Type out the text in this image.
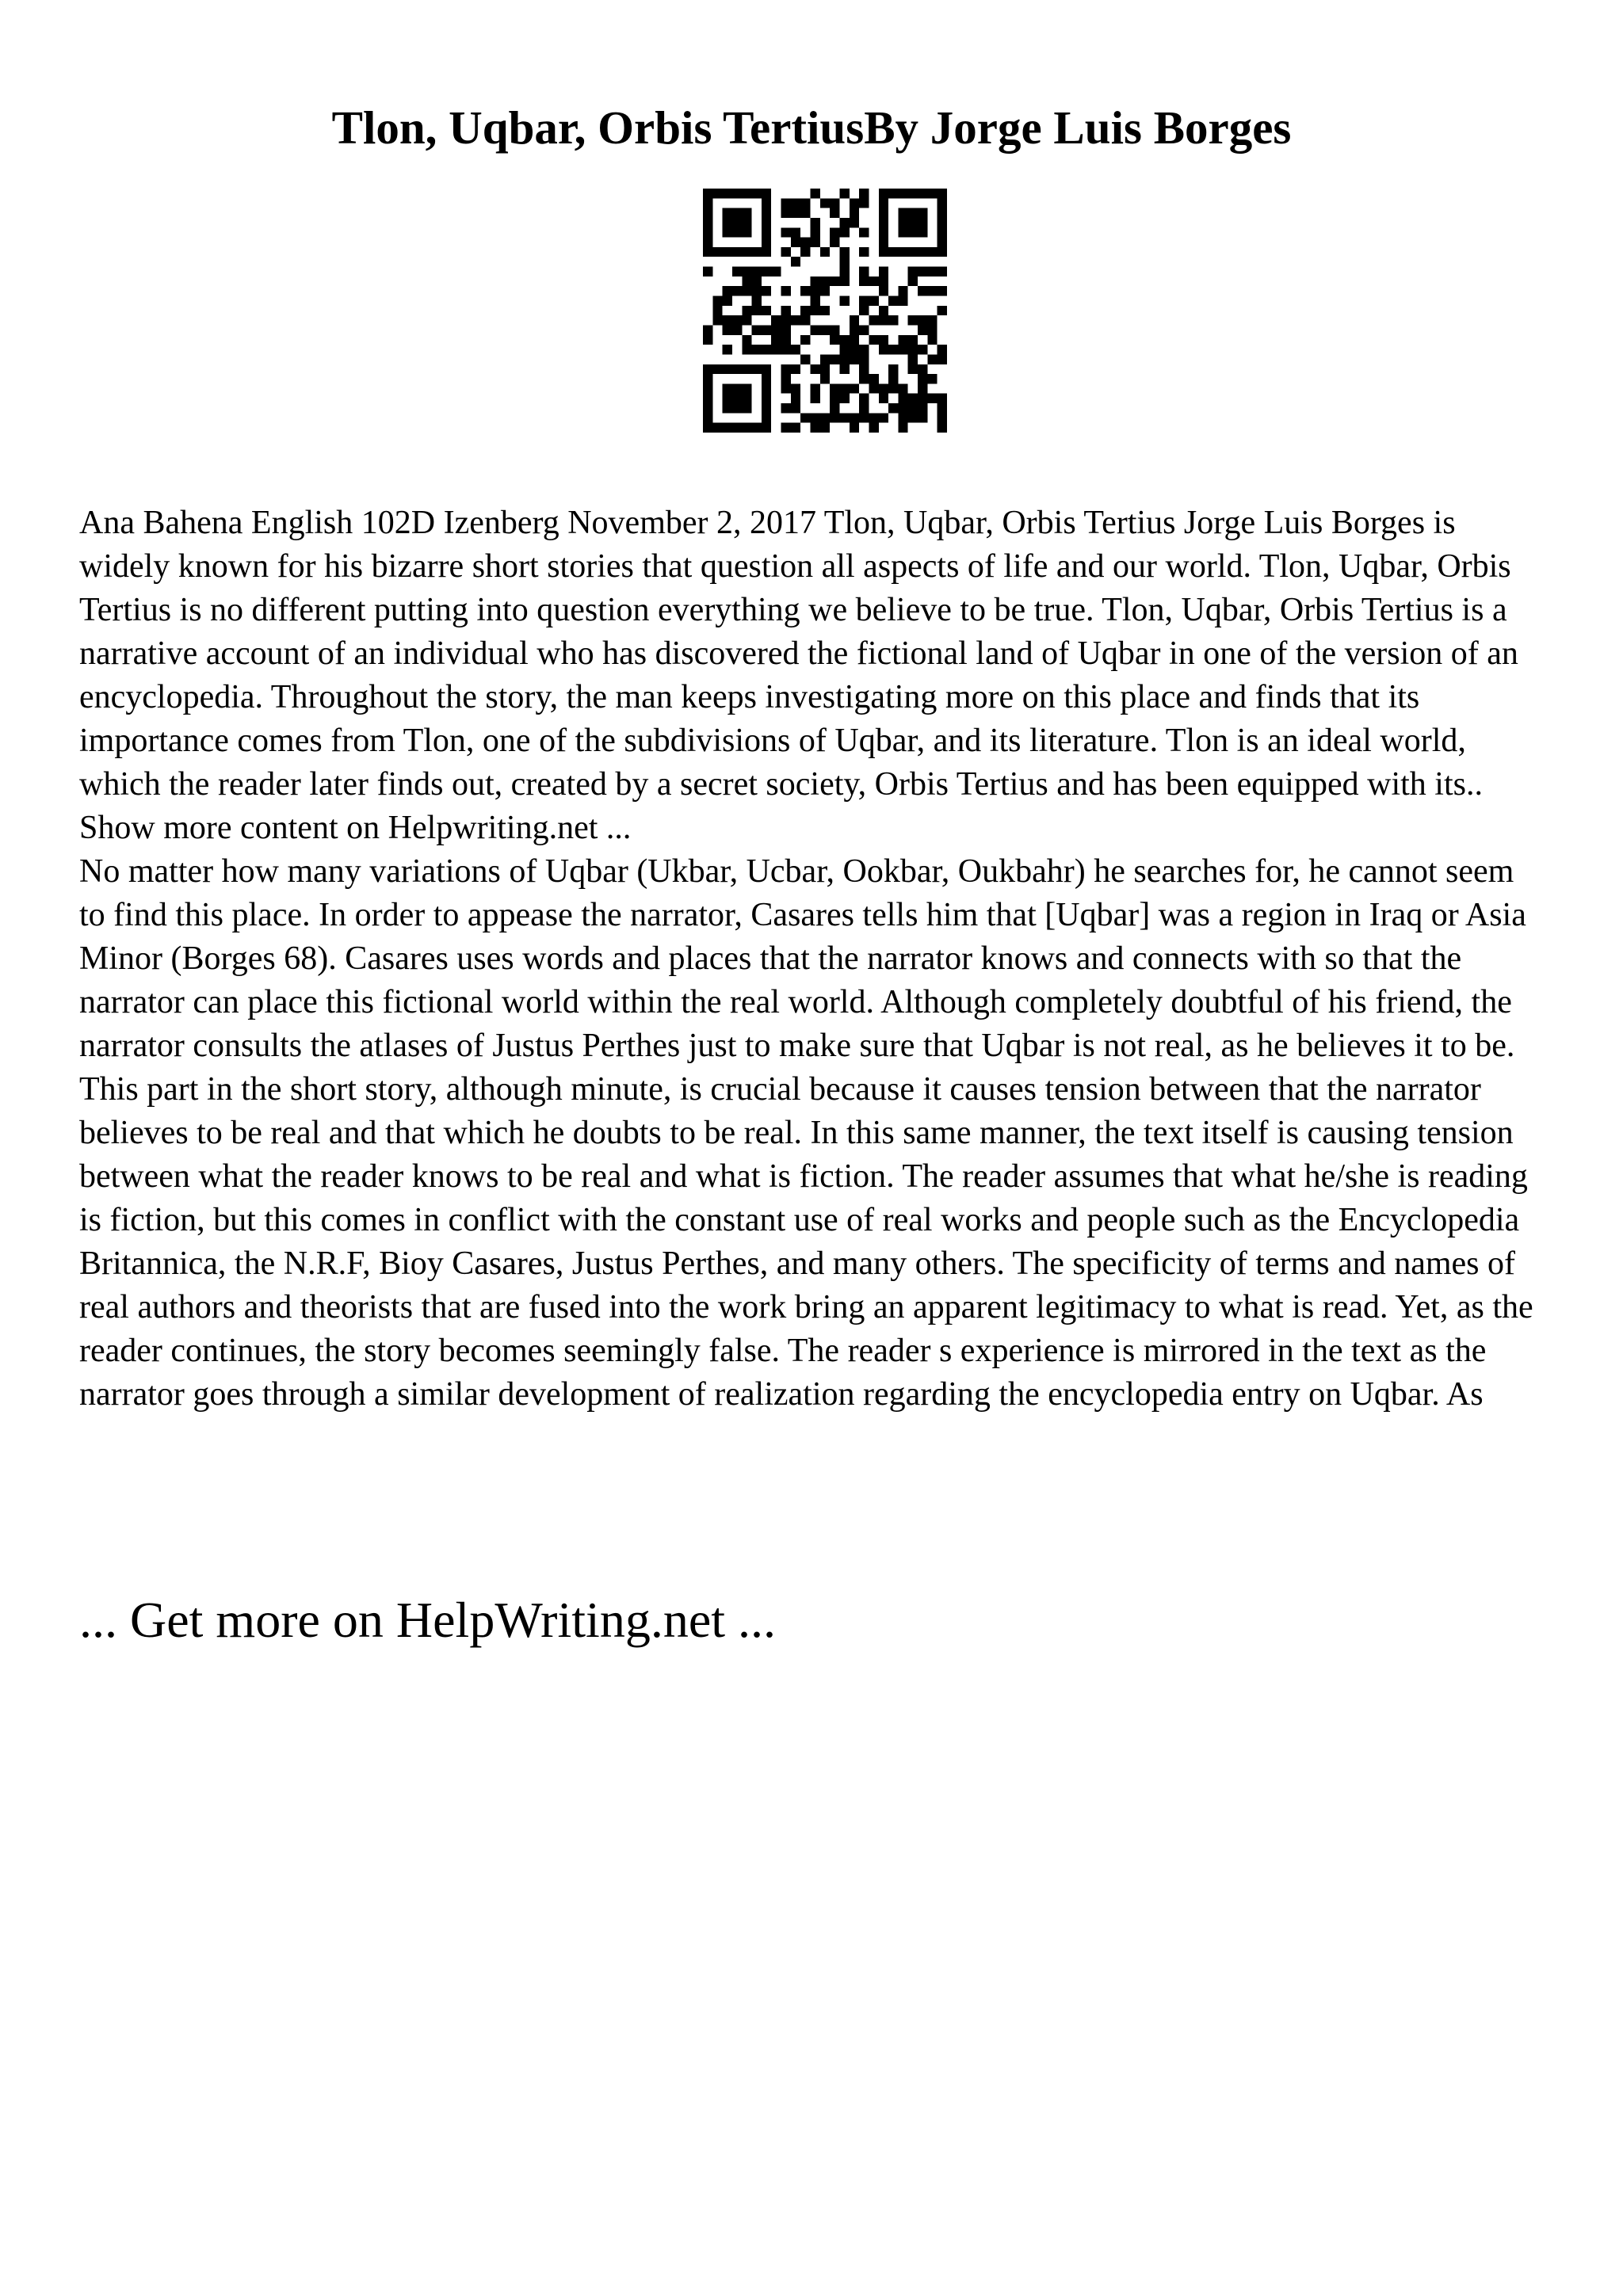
Tlon, Uqbar, Orbis TertiusBy Jorge Luis Borges

Ana Bahena English 102D Izenberg November 2, 2017 Tlon, Uqbar, Orbis Tertius Jorge Luis Borges is widely known for his bizarre short stories that question all aspects of life and our world. Tlon, Uqbar, Orbis Tertius is no different putting into question everything we believe to be true. Tlon, Uqbar, Orbis Tertius is a narrative account of an individual who has discovered the fictional land of Uqbar in one of the version of an encyclopedia. Throughout the story, the man keeps investigating more on this place and finds that its importance comes from Tlon, one of the subdivisions of Uqbar, and its literature. Tlon is an ideal world, which the reader later finds out, created by a secret society, Orbis Tertius and has been equipped with its.. Show more content on Helpwriting.net ...

No matter how many variations of Uqbar (Ukbar, Ucbar, Ookbar, Oukbahr) he searches for, he cannot seem to find this place. In order to appease the narrator, Casares tells him that [Uqbar] was a region in Iraq or Asia Minor (Borges 68). Casares uses words and places that the narrator knows and connects with so that the narrator can place this fictional world within the real world. Although completely doubtful of his friend, the narrator consults the atlases of Justus Perthes just to make sure that Uqbar is not real, as he believes it to be. This part in the short story, although minute, is crucial because it causes tension between that the narrator believes to be real and that which he doubts to be real. In this same manner, the text itself is causing tension between what the reader knows to be real and what is fiction. The reader assumes that what he/she is reading is fiction, but this comes in conflict with the constant use of real works and people such as the Encyclopedia Britannica, the N.R.F, Bioy Casares, Justus Perthes, and many others. The specificity of terms and names of real authors and theorists that are fused into the work bring an apparent legitimacy to what is read. Yet, as the reader continues, the story becomes seemingly false. The reader s experience is mirrored in the text as the narrator goes through a similar development of realization regarding the encyclopedia entry on Uqbar. As

... Get more on HelpWriting.net ...
